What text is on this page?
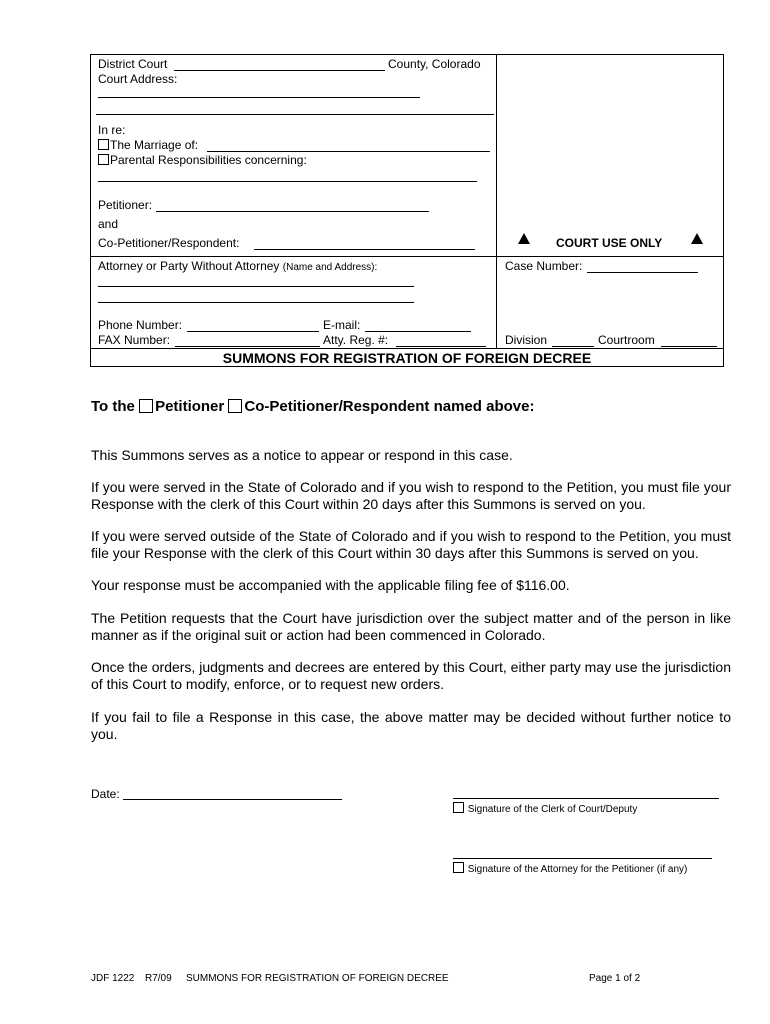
District Court	County, Colorado
Court Address:
In re:
The Marriage of:
Parental Responsibilities concerning:
Petitioner:
and
Co-Petitioner/Respondent:
Attorney or Party Without Attorney (Name and Address):
Phone Number:	E-mail:
FAX Number:	Atty. Reg. #:
COURT USE ONLY
Case Number:
Division	Courtroom
SUMMONS FOR REGISTRATION OF FOREIGN DECREE
To the Petitioner Co-Petitioner/Respondent named above:
This Summons serves as a notice to appear or respond in this case.
If you were served in the State of Colorado and if you wish to respond to the Petition, you must file your Response with the clerk of this Court within 20 days after this Summons is served on you.
If you were served outside of the State of Colorado and if you wish to respond to the Petition, you must file your Response with the clerk of this Court within 30 days after this Summons is served on you.
Your response must be accompanied with the applicable filing fee of $116.00.
The Petition requests that the Court have jurisdiction over the subject matter and of the person in like manner as if the original suit or action had been commenced in Colorado.
Once the orders, judgments and decrees are entered by this Court, either party may use the jurisdiction of this Court to modify, enforce, or to request new orders.
If you fail to file a Response in this case, the above matter may be decided without further notice to you.
Date:
Signature of the Clerk of Court/Deputy
Signature of the Attorney for the Petitioner (if any)
JDF 1222 R7/09 SUMMONS FOR REGISTRATION OF FOREIGN DECREE	Page 1 of 2
